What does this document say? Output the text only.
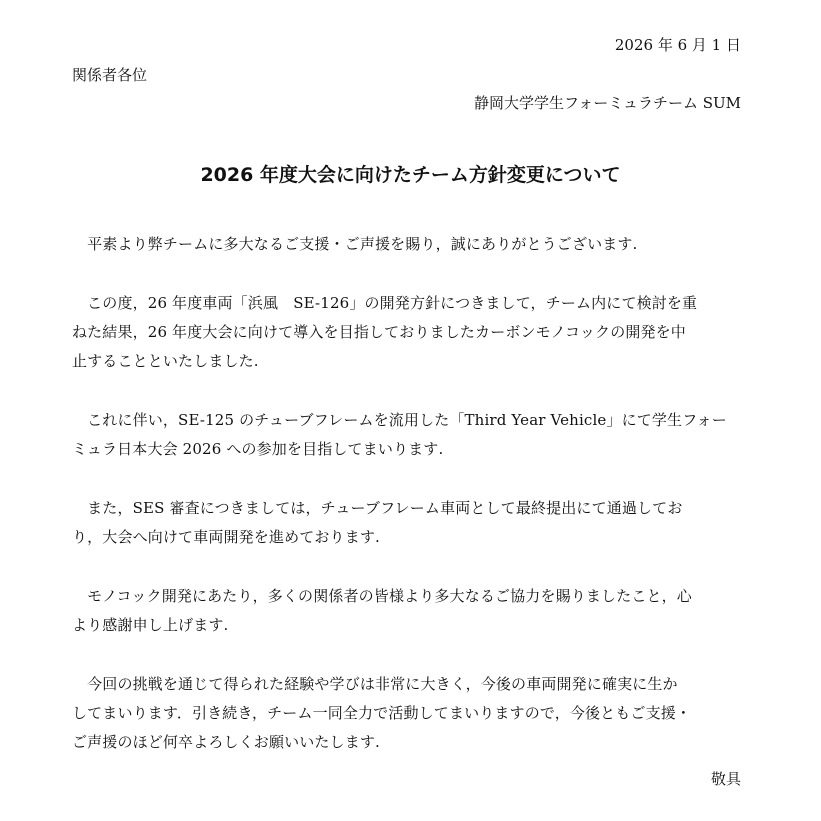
2026 年 6 月 1 日
関係者各位
静岡大学学生フォーミュラチーム SUM
2026 年度大会に向けたチーム方針変更について

　平素より弊チームに多大なるご支援・ご声援を賜り，誠にありがとうございます.

　この度，26 年度車両「浜風　SE-126」の開発方針につきまして，チーム内にて検討を重
ねた結果，26 年度大会に向けて導入を目指しておりましたカーボンモノコックの開発を中
止することといたしました.

　これに伴い，SE-125 のチューブフレームを流用した「Third Year Vehicle」にて学生フォー
ミュラ日本大会 2026 への参加を目指してまいります.

　また，SES 審査につきましては，チューブフレーム車両として最終提出にて通過してお
り，大会へ向けて車両開発を進めております.

　モノコック開発にあたり，多くの関係者の皆様より多大なるご協力を賜りましたこと，心
より感謝申し上げます.

　今回の挑戦を通じて得られた経験や学びは非常に大きく，今後の車両開発に確実に生か
してまいります．引き続き，チーム一同全力で活動してまいりますので，今後ともご支援・
ご声援のほど何卒よろしくお願いいたします.

敬具
